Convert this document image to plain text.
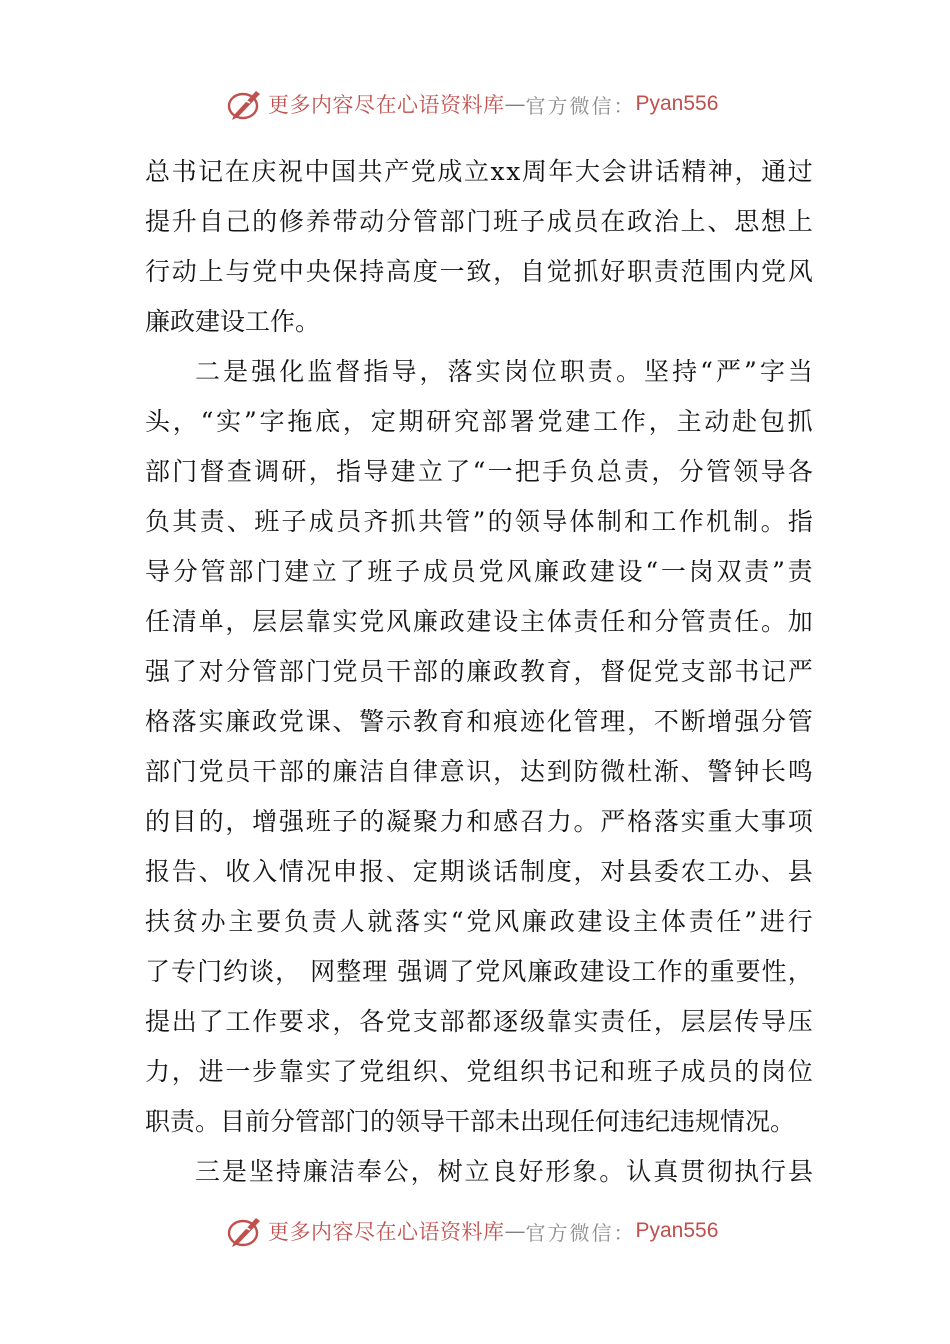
更多内容尽在心语资料库 — 官方微信： Pyan556
总 书 记 在 庆 祝 中 国 共 产 党 成 立 x x 周 年 大 会 讲 话 精 神 ， 通 过
提 升 自 己 的 修 养 带 动 分 管 部 门 班 子 成 员 在 政 治 上 、 思 想 上
行 动 上 与 党 中 央 保 持 高 度 一 致 ， 自 觉 抓 好 职 责 范 围 内 党 风
廉政建设工作。
二 是 强 化 监 督 指 导 ， 落 实 岗 位 职 责 。 坚 持 “ 严 ” 字 当
头 ， “ 实 ” 字 拖 底 ， 定 期 研 究 部 署 党 建 工 作 ， 主 动 赴 包 抓
部 门 督 查 调 研 ， 指 导 建 立 了 “ 一 把 手 负 总 责 ， 分 管 领 导 各
负 其 责 、 班 子 成 员 齐 抓 共 管 ” 的 领 导 体 制 和 工 作 机 制 。 指
导 分 管 部 门 建 立 了 班 子 成 员 党 风 廉 政 建 设 “ 一 岗 双 责 ” 责
任 清 单 ， 层 层 靠 实 党 风 廉 政 建 设 主 体 责 任 和 分 管 责 任 。 加
强 了 对 分 管 部 门 党 员 干 部 的 廉 政 教 育 ， 督 促 党 支 部 书 记 严
格 落 实 廉 政 党 课 、 警 示 教 育 和 痕 迹 化 管 理 ， 不 断 增 强 分 管
部 门 党 员 干 部 的 廉 洁 自 律 意 识 ， 达 到 防 微 杜 渐 、 警 钟 长 鸣
的 目 的 ， 增 强 班 子 的 凝 聚 力 和 感 召 力 。 严 格 落 实 重 大 事 项
报 告 、 收 入 情 况 申 报 、 定 期 谈 话 制 度 ， 对 县 委 农 工 办 、 县
扶 贫 办 主 要 负 责 人 就 落 实 “ 党 风 廉 政 建 设 主 体 责 任 ” 进 行
了 专 门 约 谈 ，
网 整 理
强 调 了 党 风 廉 政 建 设 工 作 的 重 要 性 ，
提 出 了 工 作 要 求 ， 各 党 支 部 都 逐 级 靠 实 责 任 ， 层 层 传 导 压
力 ， 进 一 步 靠 实 了 党 组 织 、 党 组 织 书 记 和 班 子 成 员 的 岗 位
职责。目前分管部门的领导干部未出现任何违纪违规情况。
三 是 坚 持 廉 洁 奉 公 ， 树 立 良 好 形 象 。 认 真 贯 彻 执 行 县
更多内容尽在心语资料库 — 官方微信： Pyan556
